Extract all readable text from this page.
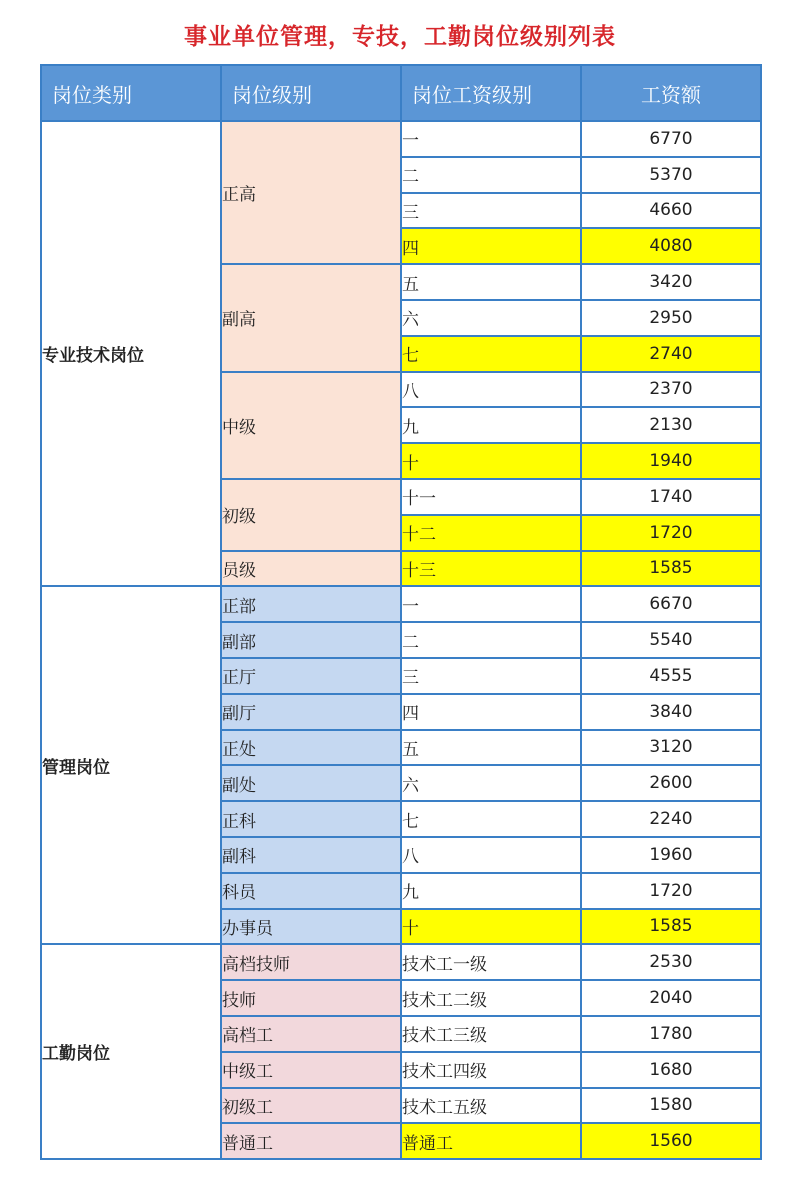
事业单位管理，专技，工勤岗位级别列表
岗位类别	岗位级别	岗位工资级别	工资额
专业技术岗位	正高	一	6770
		二	5370
		三	4660
		四	4080
	副高	五	3420
		六	2950
		七	2740
	中级	八	2370
		九	2130
		十	1940
	初级	十一	1740
		十二	1720
	员级	十三	1585
管理岗位	正部	一	6670
	副部	二	5540
	正厅	三	4555
	副厅	四	3840
	正处	五	3120
	副处	六	2600
	正科	七	2240
	副科	八	1960
	科员	九	1720
	办事员	十	1585
工勤岗位	高档技师	技术工一级	2530
	技师	技术工二级	2040
	高档工	技术工三级	1780
	中级工	技术工四级	1680
	初级工	技术工五级	1580
	普通工	普通工	1560
